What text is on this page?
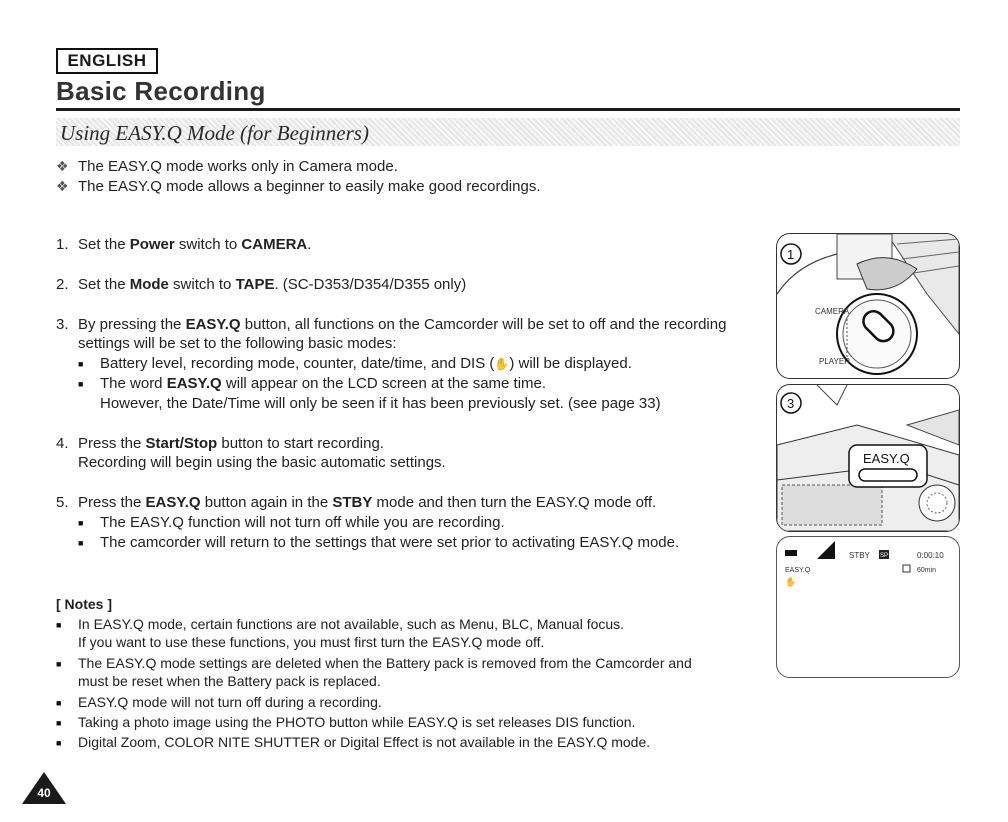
ENGLISH
Basic Recording
Using EASY.Q Mode (for Beginners)
❖ The EASY.Q mode works only in Camera mode.
❖ The EASY.Q mode allows a beginner to easily make good recordings.
1. Set the Power switch to CAMERA.
2. Set the Mode switch to TAPE. (SC-D353/D354/D355 only)
3. By pressing the EASY.Q button, all functions on the Camcorder will be set to off and the recording
settings will be set to the following basic modes:
■ Battery level, recording mode, counter, date/time, and DIS (✋) will be displayed.
■ The word EASY.Q will appear on the LCD screen at the same time.
However, the Date/Time will only be seen if it has been previously set. (see page 33)
4. Press the Start/Stop button to start recording.
Recording will begin using the basic automatic settings.
5. Press the EASY.Q button again in the STBY mode and then turn the EASY.Q mode off.
■ The EASY.Q function will not turn off while you are recording.
■ The camcorder will return to the settings that were set prior to activating EASY.Q mode.
[ Notes ]
■ In EASY.Q mode, certain functions are not available, such as Menu, BLC, Manual focus.
If you want to use these functions, you must first turn the EASY.Q mode off.
■ The EASY.Q mode settings are deleted when the Battery pack is removed from the Camcorder and
must be reset when the Battery pack is replaced.
■ EASY.Q mode will not turn off during a recording.
■ Taking a photo image using the PHOTO button while EASY.Q is set releases DIS function.
■ Digital Zoom, COLOR NITE SHUTTER or Digital Effect is not available in the EASY.Q mode.
CAMERA
PLAYER
1
EASY.Q
3
STBY SP	0:00:10
EASY.Q	60min
✋
40
